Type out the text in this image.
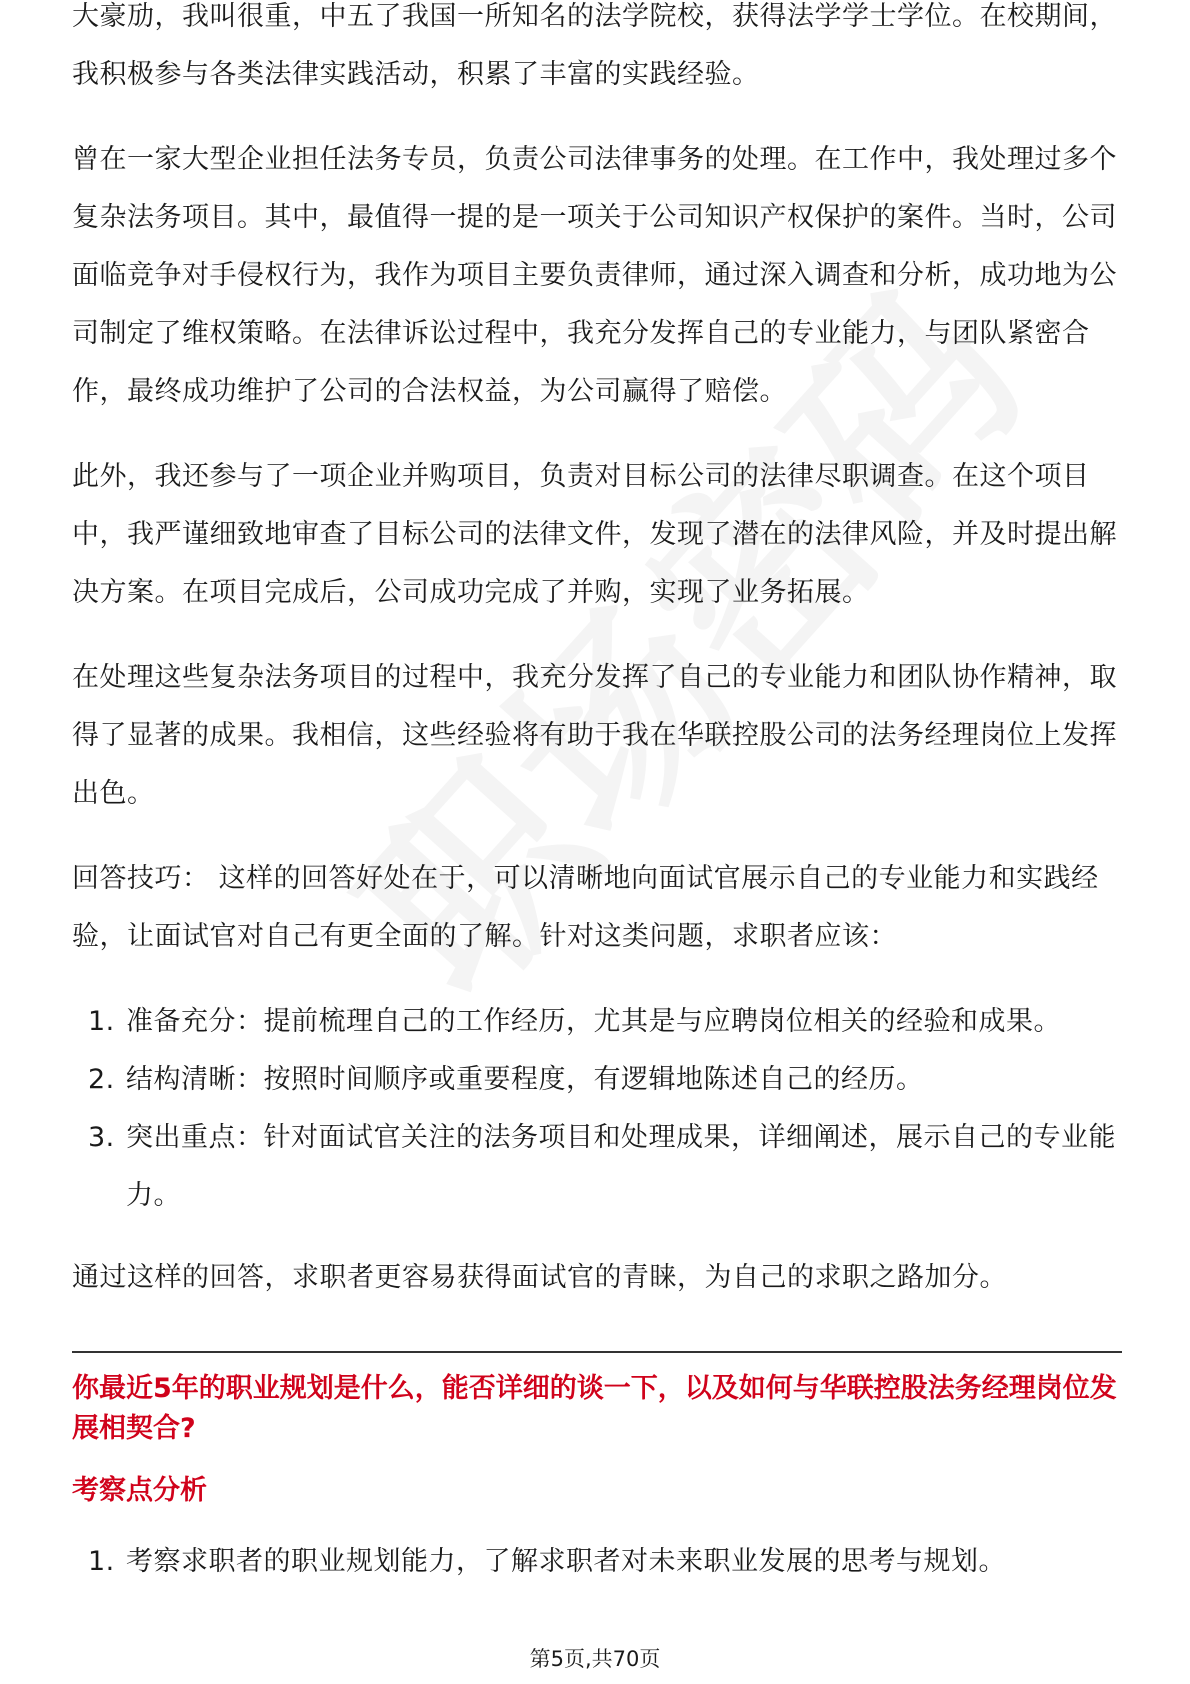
大豪劢，我叫很重，中五了我国一所知名的法学院校，获得法学学士学位。在校期间，我积极参与各类法律实践活动，积累了丰富的实践经验。

曾在一家大型企业担任法务专员，负责公司法律事务的处理。在工作中，我处理过多个复杂法务项目。其中，最值得一提的是一项关于公司知识产权保护的案件。当时，公司面临竞争对手侵权行为，我作为项目主要负责律师，通过深入调查和分析，成功地为公司制定了维权策略。在法律诉讼过程中，我充分发挥自己的专业能力，与团队紧密合作，最终成功维护了公司的合法权益，为公司赢得了赔偿。

此外，我还参与了一项企业并购项目，负责对目标公司的法律尽职调查。在这个项目中，我严谨细致地审查了目标公司的法律文件，发现了潜在的法律风险，并及时提出解决方案。在项目完成后，公司成功完成了并购，实现了业务拓展。

在处理这些复杂法务项目的过程中，我充分发挥了自己的专业能力和团队协作精神，取得了显著的成果。我相信，这些经验将有助于我在华联控股公司的法务经理岗位上发挥出色。

回答技巧： 这样的回答好处在于，可以清晰地向面试官展示自己的专业能力和实践经验，让面试官对自己有更全面的了解。针对这类问题，求职者应该：

1. 准备充分：提前梳理自己的工作经历，尤其是与应聘岗位相关的经验和成果。
2. 结构清晰：按照时间顺序或重要程度，有逻辑地陈述自己的经历。
3. 突出重点：针对面试官关注的法务项目和处理成果，详细阐述，展示自己的专业能力。

通过这样的回答，求职者更容易获得面试官的青睐，为自己的求职之路加分。

你最近5年的职业规划是什么，能否详细的谈一下，以及如何与华联控股法务经理岗位发展相契合?
考察点分析
1. 考察求职者的职业规划能力，了解求职者对未来职业发展的思考与规划。
第5页,共70页
